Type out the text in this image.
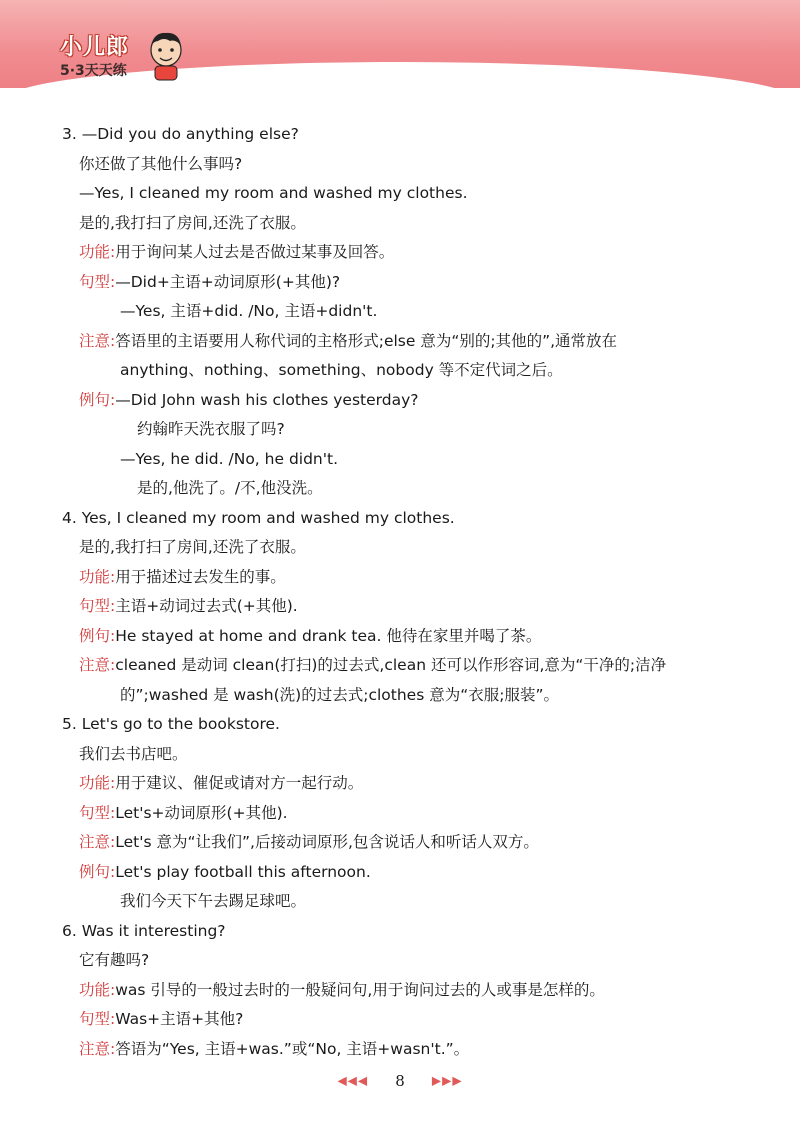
小儿郎
5·3天天练
3. —Did you do anything else?
你还做了其他什么事吗?
—Yes, I cleaned my room and washed my clothes.
是的,我打扫了房间,还洗了衣服。
功能:用于询问某人过去是否做过某事及回答。
句型:—Did+主语+动词原形(+其他)?
—Yes, 主语+did. /No, 主语+didn't.
注意:答语里的主语要用人称代词的主格形式;else 意为“别的;其他的”,通常放在
anything、nothing、something、nobody 等不定代词之后。
例句:—Did John wash his clothes yesterday?
约翰昨天洗衣服了吗?
—Yes, he did. /No, he didn't.
是的,他洗了。/不,他没洗。
4. Yes, I cleaned my room and washed my clothes.
是的,我打扫了房间,还洗了衣服。
功能:用于描述过去发生的事。
句型:主语+动词过去式(+其他).
例句:He stayed at home and drank tea. 他待在家里并喝了茶。
注意:cleaned 是动词 clean(打扫)的过去式,clean 还可以作形容词,意为“干净的;洁净
的”;washed 是 wash(洗)的过去式;clothes 意为“衣服;服装”。
5. Let's go to the bookstore.
我们去书店吧。
功能:用于建议、催促或请对方一起行动。
句型:Let's+动词原形(+其他).
注意:Let's 意为“让我们”,后接动词原形,包含说话人和听话人双方。
例句:Let's play football this afternoon.
我们今天下午去踢足球吧。
6. Was it interesting?
它有趣吗?
功能:was 引导的一般过去时的一般疑问句,用于询问过去的人或事是怎样的。
句型:Was+主语+其他?
注意:答语为“Yes, 主语+was.”或“No, 主语+wasn't.”。
◀◀◀ 8 ▶▶▶
